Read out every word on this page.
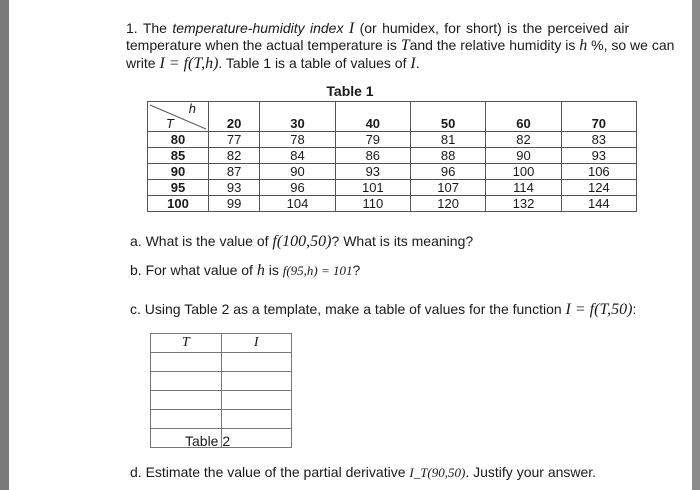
1. The temperature-humidity index I (or humidex, for short) is the perceived air
temperature when the actual temperature is Tand the relative humidity is h %, so we can
write I = f(T,h). Table 1 is a table of values of I.
Table 1
h
T	20	30	40	50	60	70
80	77	78	79	81	82	83
85	82	84	86	88	90	93
90	87	90	93	96	100	106
95	93	96	101	107	114	124
100	99	104	110	120	132	144
a. What is the value of f(100,50)? What is its meaning?
b. For what value of h is f(95,h) = 101?
c. Using Table 2 as a template, make a table of values for the function I = f(T,50):
T	I

Table 2
d. Estimate the value of the partial derivative I_T(90,50). Justify your answer.
